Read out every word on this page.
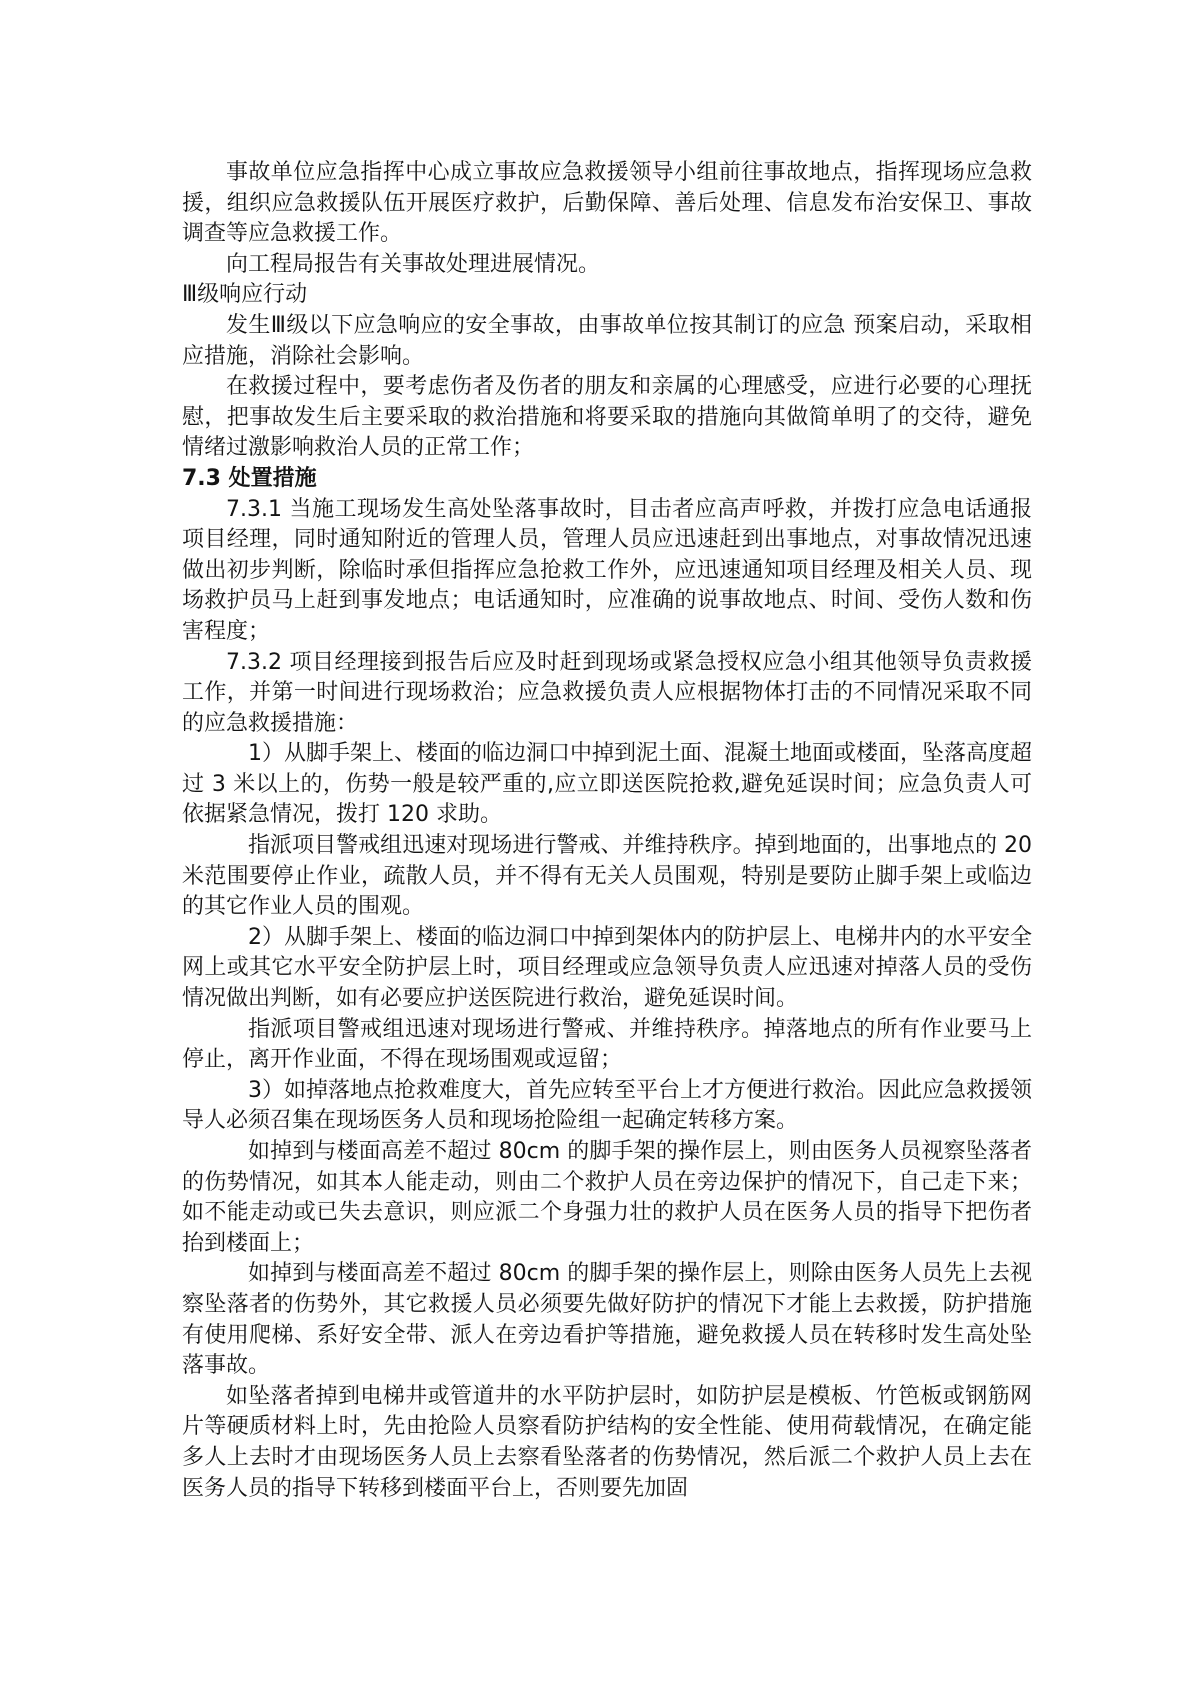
事故单位应急指挥中心成立事故应急救援领导小组前往事故地点，指挥现场应急救援，组织应急救援队伍开展医疗救护，后勤保障、善后处理、信息发布治安保卫、事故调查等应急救援工作。

向工程局报告有关事故处理进展情况。

Ⅲ级响应行动

发生Ⅲ级以下应急响应的安全事故，由事故单位按其制订的应急 预案启动，采取相应措施，消除社会影响。

在救援过程中，要考虑伤者及伤者的朋友和亲属的心理感受，应进行必要的心理抚慰，把事故发生后主要采取的救治措施和将要采取的措施向其做简单明了的交待，避免情绪过激影响救治人员的正常工作；

7.3 处置措施

7.3.1 当施工现场发生高处坠落事故时，目击者应高声呼救，并拨打应急电话通报项目经理，同时通知附近的管理人员，管理人员应迅速赶到出事地点，对事故情况迅速做出初步判断，除临时承但指挥应急抢救工作外，应迅速通知项目经理及相关人员、现场救护员马上赶到事发地点；电话通知时，应准确的说事故地点、时间、受伤人数和伤害程度；

7.3.2 项目经理接到报告后应及时赶到现场或紧急授权应急小组其他领导负责救援工作，并第一时间进行现场救治；应急救援负责人应根据物体打击的不同情况采取不同的应急救援措施：

1）从脚手架上、楼面的临边洞口中掉到泥土面、混凝土地面或楼面，坠落高度超过 3 米以上的，伤势一般是较严重的,应立即送医院抢救,避免延误时间；应急负责人可依据紧急情况，拨打 120 求助。

指派项目警戒组迅速对现场进行警戒、并维持秩序。掉到地面的，出事地点的 20 米范围要停止作业，疏散人员，并不得有无关人员围观，特别是要防止脚手架上或临边的其它作业人员的围观。

2）从脚手架上、楼面的临边洞口中掉到架体内的防护层上、电梯井内的水平安全网上或其它水平安全防护层上时，项目经理或应急领导负责人应迅速对掉落人员的受伤情况做出判断，如有必要应护送医院进行救治，避免延误时间。

指派项目警戒组迅速对现场进行警戒、并维持秩序。掉落地点的所有作业要马上停止，离开作业面，不得在现场围观或逗留；

3）如掉落地点抢救难度大，首先应转至平台上才方便进行救治。因此应急救援领导人必须召集在现场医务人员和现场抢险组一起确定转移方案。

如掉到与楼面高差不超过 80cm 的脚手架的操作层上，则由医务人员视察坠落者的伤势情况，如其本人能走动，则由二个救护人员在旁边保护的情况下，自己走下来；如不能走动或已失去意识，则应派二个身强力壮的救护人员在医务人员的指导下把伤者抬到楼面上；

如掉到与楼面高差不超过 80cm 的脚手架的操作层上，则除由医务人员先上去视察坠落者的伤势外，其它救援人员必须要先做好防护的情况下才能上去救援，防护措施有使用爬梯、系好安全带、派人在旁边看护等措施，避免救援人员在转移时发生高处坠落事故。

如坠落者掉到电梯井或管道井的水平防护层时，如防护层是模板、竹笆板或钢筋网片等硬质材料上时，先由抢险人员察看防护结构的安全性能、使用荷载情况，在确定能多人上去时才由现场医务人员上去察看坠落者的伤势情况，然后派二个救护人员上去在医务人员的指导下转移到楼面平台上，否则要先加固
